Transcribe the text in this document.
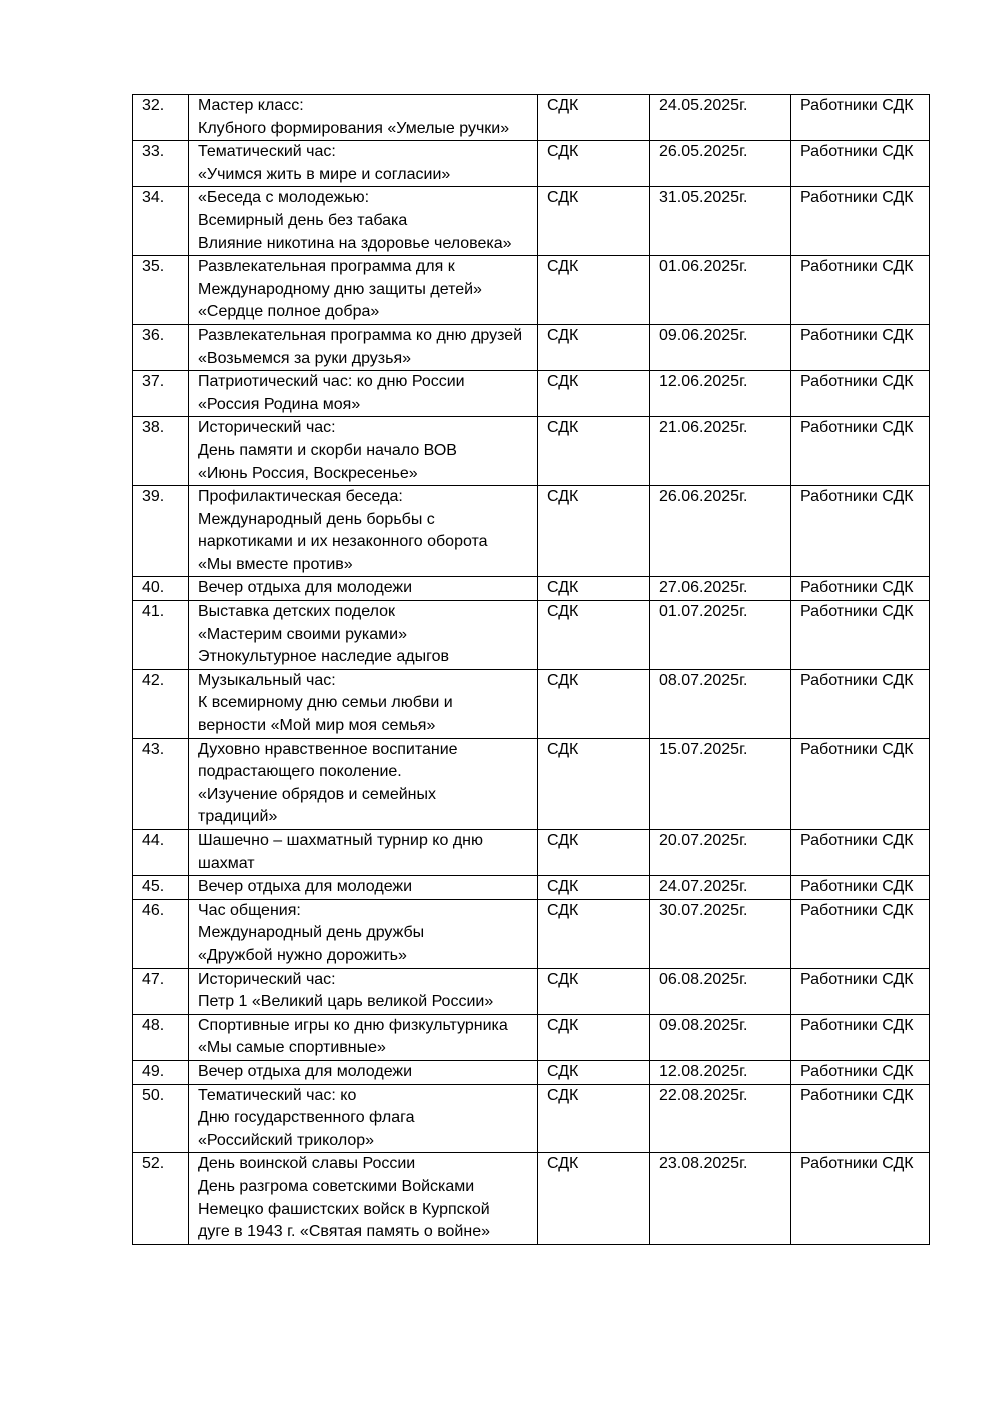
32.	Мастер класс:
Клубного формирования «Умелые ручки»	СДК	24.05.2025г.	Работники СДК
33.	Тематический час:
«Учимся жить в мире и согласии»	СДК	26.05.2025г.	Работники СДК
34.	«Беседа с молодежью:
Всемирный день без табака
Влияние никотина на здоровье человека»	СДК	31.05.2025г.	Работники СДК
35.	Развлекательная программа для к
Международному дню защиты детей»
«Сердце полное добра»	СДК	01.06.2025г.	Работники СДК
36.	Развлекательная программа ко дню друзей
«Возьмемся за руки друзья»	СДК	09.06.2025г.	Работники СДК
37.	Патриотический час: ко дню России
«Россия Родина моя»	СДК	12.06.2025г.	Работники СДК
38.	Исторический час:
День памяти и скорби начало ВОВ
«Июнь Россия, Воскресенье»	СДК	21.06.2025г.	Работники СДК
39.	Профилактическая беседа:
Международный день борьбы с
наркотиками и их незаконного оборота
«Мы вместе против»	СДК	26.06.2025г.	Работники СДК
40.	Вечер отдыха для молодежи	СДК	27.06.2025г.	Работники СДК
41.	Выставка детских поделок
«Мастерим своими руками»
Этнокультурное наследие адыгов	СДК	01.07.2025г.	Работники СДК
42.	Музыкальный час:
К всемирному дню семьи любви и
верности «Мой мир моя семья»	СДК	08.07.2025г.	Работники СДК
43.	Духовно нравственное воспитание
подрастающего поколение.
«Изучение обрядов и семейных
традиций»	СДК	15.07.2025г.	Работники СДК
44.	Шашечно – шахматный турнир ко дню
шахмат	СДК	20.07.2025г.	Работники СДК
45.	Вечер отдыха для молодежи	СДК	24.07.2025г.	Работники СДК
46.	Час общения:
Международный день дружбы
«Дружбой нужно дорожить»	СДК	30.07.2025г.	Работники СДК
47.	Исторический час:
Петр 1 «Великий царь великой России»	СДК	06.08.2025г.	Работники СДК
48.	Спортивные игры ко дню физкультурника
«Мы самые спортивные»	СДК	09.08.2025г.	Работники СДК
49.	Вечер отдыха для молодежи	СДК	12.08.2025г.	Работники СДК
50.	Тематический час: ко
Дню государственного флага
«Российский триколор»	СДК	22.08.2025г.	Работники СДК
52.	День воинской славы России
День разгрома советскими Войсками
Немецко фашистских войск в Курпской
дуге в 1943 г. «Святая память о войне»	СДК	23.08.2025г.	Работники СДК
